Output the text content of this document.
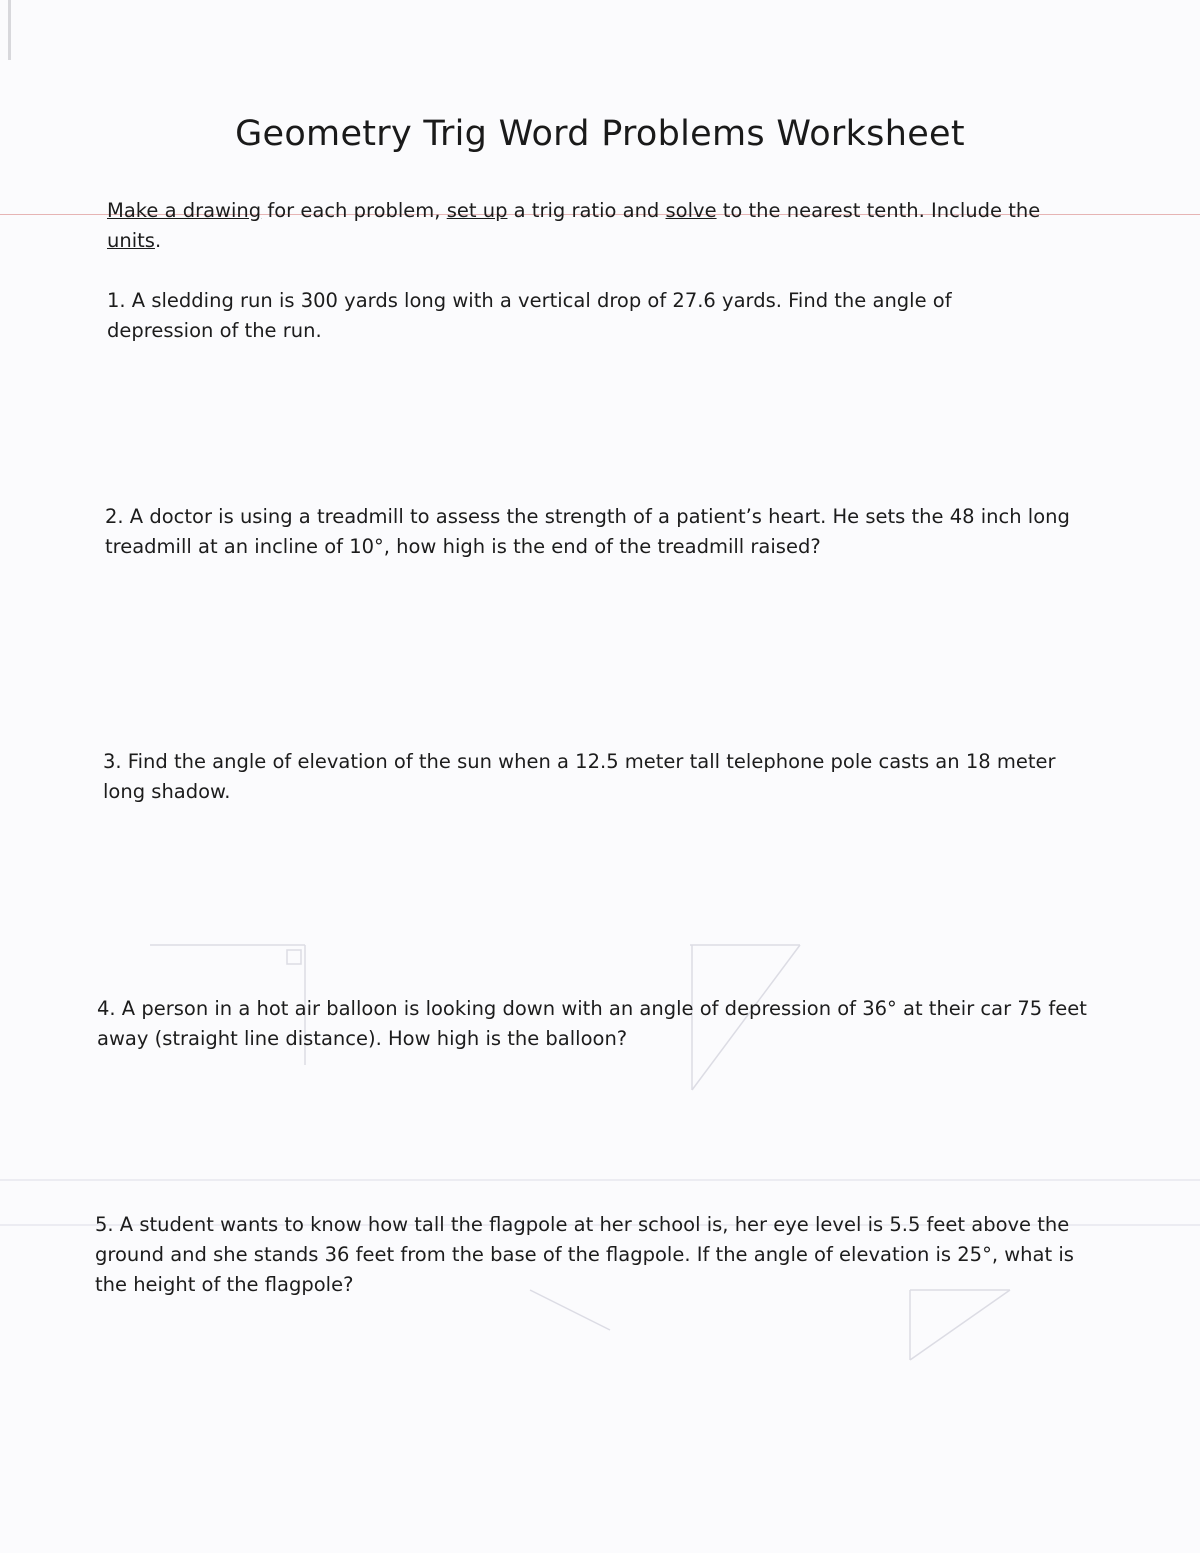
Geometry Trig Word Problems Worksheet
Make a drawing for each problem, set up a trig ratio and solve to the nearest tenth. Include the
units.
1. A sledding run is 300 yards long with a vertical drop of 27.6 yards. Find the angle of depression of the run.
2. A doctor is using a treadmill to assess the strength of a patient’s heart. He sets the 48 inch long treadmill at an incline of 10°, how high is the end of the treadmill raised?
3. Find the angle of elevation of the sun when a 12.5 meter tall telephone pole casts an 18 meter long shadow.
4. A person in a hot air balloon is looking down with an angle of depression of 36° at their car 75 feet away (straight line distance). How high is the balloon?
5. A student wants to know how tall the flagpole at her school is, her eye level is 5.5 feet above the ground and she stands 36 feet from the base of the flagpole. If the angle of elevation is 25°, what is the height of the flagpole?
